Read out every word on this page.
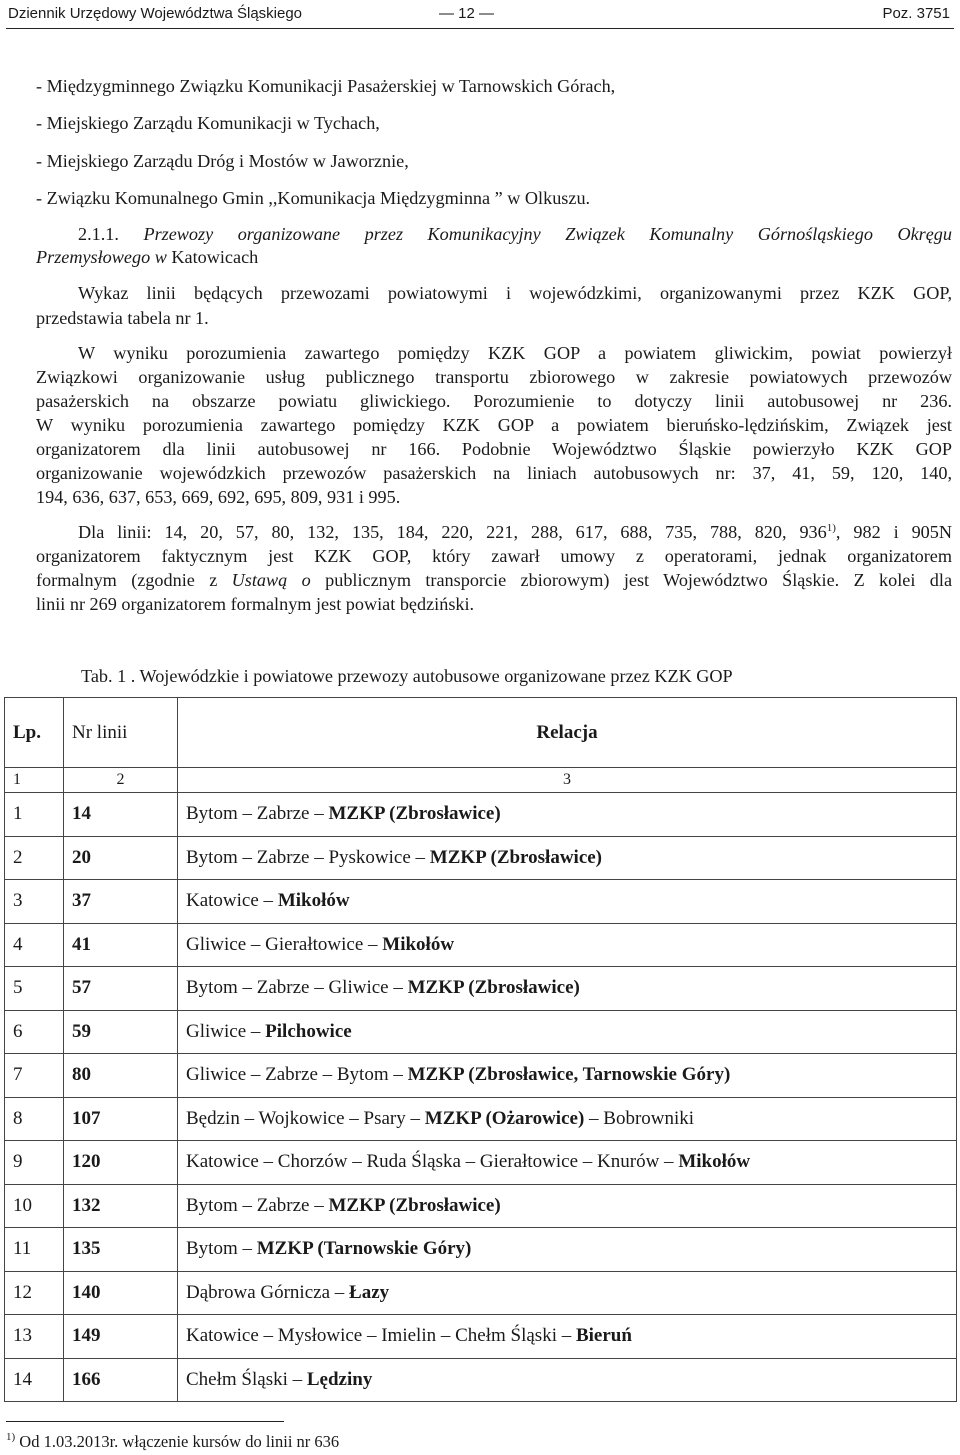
Dziennik Urzędowy Województwa Śląskiego	— 12 —	Poz. 3751
- Międzygminnego Związku Komunikacji Pasażerskiej w Tarnowskich Górach,
- Miejskiego Zarządu Komunikacji w Tychach,
- Miejskiego Zarządu Dróg i Mostów w Jaworznie,
- Związku Komunalnego Gmin ,,Komunikacja Międzygminna ” w Olkuszu.
2.1.1. Przewozy organizowane przez Komunikacyjny Związek Komunalny Górnośląskiego Okręgu
Przemysłowego w Katowicach
Wykaz linii będących przewozami powiatowymi i wojewódzkimi, organizowanymi przez KZK GOP,
przedstawia tabela nr 1.
W wyniku porozumienia zawartego pomiędzy KZK GOP a powiatem gliwickim, powiat powierzył
Związkowi organizowanie usług publicznego transportu zbiorowego w zakresie powiatowych przewozów
pasażerskich na obszarze powiatu gliwickiego. Porozumienie to dotyczy linii autobusowej nr 236.
W wyniku porozumienia zawartego pomiędzy KZK GOP a powiatem bieruńsko-lędzińskim, Związek jest
organizatorem dla linii autobusowej nr 166. Podobnie Województwo Śląskie powierzyło KZK GOP
organizowanie wojewódzkich przewozów pasażerskich na liniach autobusowych nr: 37, 41, 59, 120, 140,
194, 636, 637, 653, 669, 692, 695, 809, 931 i 995.
Dla linii: 14, 20, 57, 80, 132, 135, 184, 220, 221, 288, 617, 688, 735, 788, 820, 936$^{1)}$, 982 i 905N
organizatorem faktycznym jest KZK GOP, który zawarł umowy z operatorami, jednak organizatorem
formalnym (zgodnie z Ustawą o publicznym transporcie zbiorowym) jest Województwo Śląskie. Z kolei dla
linii nr 269 organizatorem formalnym jest powiat będziński.
Tab. 1 . Wojewódzkie i powiatowe przewozy autobusowe organizowane przez KZK GOP
Lp.	Nr linii	Relacja
1	2	3
1	14	Bytom – Zabrze – MZKP (Zbrosławice)
2	20	Bytom – Zabrze – Pyskowice – MZKP (Zbrosławice)
3	37	Katowice – Mikołów
4	41	Gliwice – Gierałtowice – Mikołów
5	57	Bytom – Zabrze – Gliwice – MZKP (Zbrosławice)
6	59	Gliwice – Pilchowice
7	80	Gliwice – Zabrze – Bytom – MZKP (Zbrosławice, Tarnowskie Góry)
8	107	Będzin – Wojkowice – Psary – MZKP (Ożarowice) – Bobrowniki
9	120	Katowice – Chorzów – Ruda Śląska – Gierałtowice – Knurów – Mikołów
10	132	Bytom – Zabrze – MZKP (Zbrosławice)
11	135	Bytom – MZKP (Tarnowskie Góry)
12	140	Dąbrowa Górnicza – Łazy
13	149	Katowice – Mysłowice – Imielin – Chełm Śląski – Bieruń
14	166	Chełm Śląski – Lędziny
$^{1)}$ Od 1.03.2013r. włączenie kursów do linii nr 636
